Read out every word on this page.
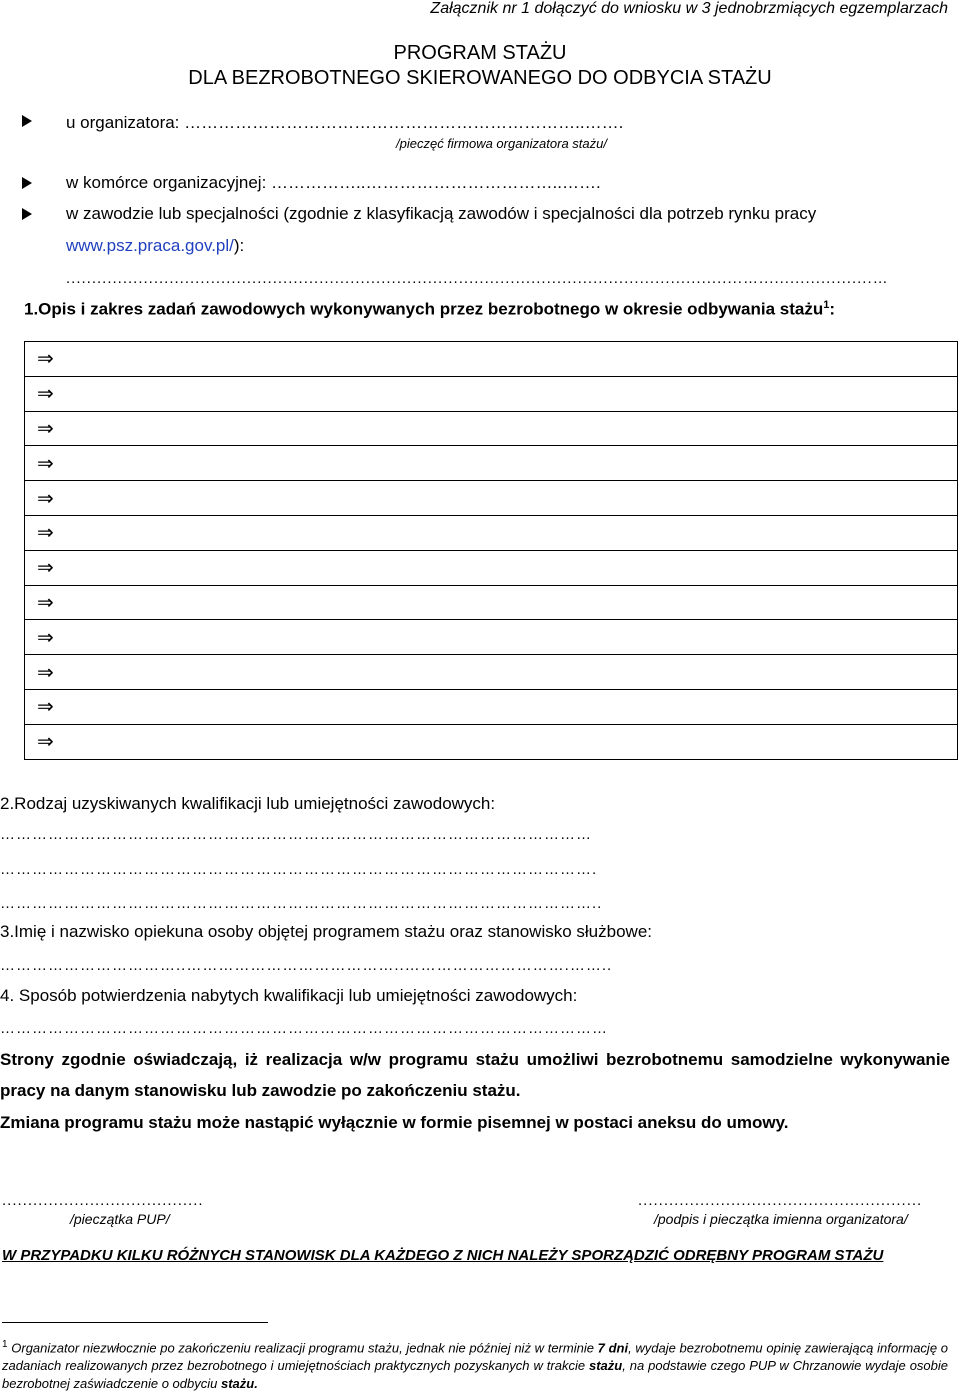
Załącznik nr 1 dołączyć do wniosku w 3 jednobrzmiących egzemplarzach
PROGRAM STAŻU
DLA BEZROBOTNEGO SKIEROWANEGO DO ODBYCIA STAŻU
u organizatora: ……………………………………………………………..…….
/pieczęć firmowa organizatora stażu/
w komórce organizacyjnej: ……………..……………………………..…….
w zawodzie lub specjalności (zgodnie z klasyfikacją zawodów i specjalności dla potrzeb rynku pracy
www.psz.praca.gov.pl/):
...................................................................................................................................…......................…
1.Opis i zakres zadań zawodowych wykonywanych przez bezrobotnego w okresie odbywania stażu$^1$:
⇒
⇒
⇒
⇒
⇒
⇒
⇒
⇒
⇒
⇒
⇒
⇒
2.Rodzaj uzyskiwanych kwalifikacji lub umiejętności zawodowych:
…………………………………………………………………………………………………
………………………………………………………………………………………………….
…………………………………………………………………………………………………..
3.Imię i nazwisko opiekuna osoby objętej programem stażu oraz stanowisko służbowe:
……………………………..…………………………………..………………………….……..
4. Sposób potwierdzenia nabytych kwalifikacji lub umiejętności zawodowych:
……………………………………………………………………………………………………
Strony zgodnie oświadczają, iż realizacja w/w programu stażu umożliwi bezrobotnemu samodzielne wykonywanie pracy na danym stanowisku lub zawodzie po zakończeniu stażu.
Zmiana programu stażu może nastąpić wyłącznie w formie pisemnej w postaci aneksu do umowy.
.......................................
/pieczątka PUP/
.......................................................
/podpis i pieczątka imienna organizatora/
W PRZYPADKU KILKU RÓŻNYCH STANOWISK DLA KAŻDEGO Z NICH NALEŻY SPORZĄDZIĆ ODRĘBNY PROGRAM STAŻU
$^1$ Organizator niezwłocznie po zakończeniu realizacji programu stażu, jednak nie później niż w terminie 7 dni, wydaje bezrobotnemu opinię zawierającą informację o zadaniach realizowanych przez bezrobotnego i umiejętnościach praktycznych pozyskanych w trakcie stażu, na podstawie czego PUP w Chrzanowie wydaje osobie bezrobotnej zaświadczenie o odbyciu stażu.
